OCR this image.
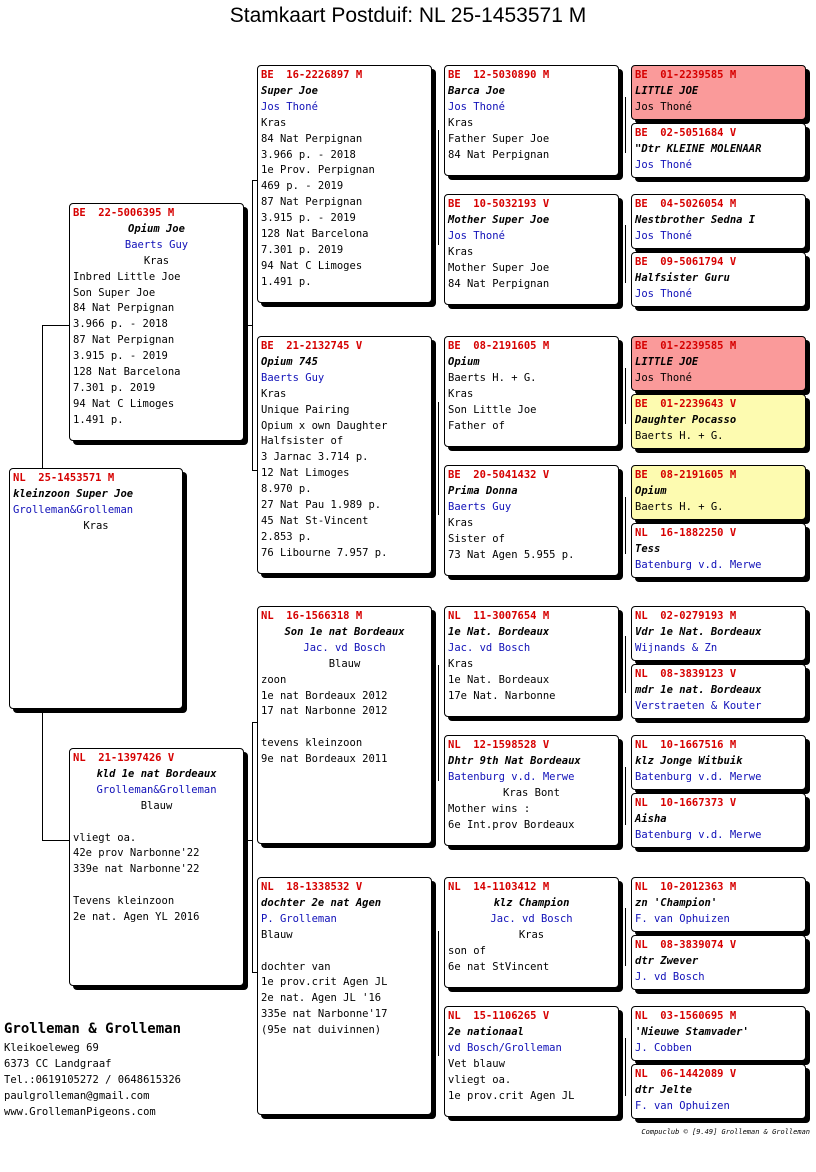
Stamkaart Postduif: NL 25-1453571 M
NL  25-1453571 M
kleinzoon Super Joe
Grolleman&Grolleman
Kras
BE  22-5006395 M
Opium Joe
Baerts Guy
Kras
Inbred Little Joe
Son Super Joe
84 Nat Perpignan
3.966 p. - 2018
87 Nat Perpignan
3.915 p. - 2019
128 Nat Barcelona
7.301 p. 2019
94 Nat C Limoges
1.491 p.
NL  21-1397426 V
kld 1e nat Bordeaux
Grolleman&Grolleman
Blauw
vliegt oa.
42e prov Narbonne'22
339e nat Narbonne'22
Tevens kleinzoon
2e nat. Agen YL 2016
BE  16-2226897 M
Super Joe
Jos Thoné
Kras
84 Nat Perpignan
3.966 p. - 2018
1e Prov. Perpignan
469 p. - 2019
87 Nat Perpignan
3.915 p. - 2019
128 Nat Barcelona
7.301 p. 2019
94 Nat C Limoges
1.491 p.
BE  21-2132745 V
Opium 745
Baerts Guy
Kras
Unique Pairing
Opium x own Daughter
Halfsister of
3 Jarnac 3.714 p.
12 Nat Limoges
8.970 p.
27 Nat Pau 1.989 p.
45 Nat St-Vincent
2.853 p.
76 Libourne 7.957 p.
NL  16-1566318 M
Son 1e nat Bordeaux
Jac. vd Bosch
Blauw
zoon
1e nat Bordeaux 2012
17 nat Narbonne 2012
tevens kleinzoon
9e nat Bordeaux 2011
NL  18-1338532 V
dochter 2e nat Agen
P. Grolleman
Blauw
dochter van
1e prov.crit Agen JL
2e nat. Agen JL '16
335e nat Narbonne'17
(95e nat duivinnen)
BE  12-5030890 M
Barca Joe
Jos Thoné
Kras
Father Super Joe
84 Nat Perpignan
BE  10-5032193 V
Mother Super Joe
Jos Thoné
Kras
Mother Super Joe
84 Nat Perpignan
BE  08-2191605 M
Opium
Baerts H. + G.
Kras
Son Little Joe
Father of
BE  20-5041432 V
Prima Donna
Baerts Guy
Kras
Sister of
73 Nat Agen 5.955 p.
NL  11-3007654 M
1e Nat. Bordeaux
Jac. vd Bosch
Kras
1e Nat. Bordeaux
17e Nat. Narbonne
NL  12-1598528 V
Dhtr 9th Nat Bordeaux
Batenburg v.d. Merwe
Kras Bont
Mother wins :
6e Int.prov Bordeaux
NL  14-1103412 M
klz Champion
Jac. vd Bosch
Kras
son of
6e nat StVincent
NL  15-1106265 V
2e nationaal
vd Bosch/Grolleman
Vet blauw
vliegt oa.
1e prov.crit Agen JL
BE  01-2239585 M
LITTLE JOE
Jos Thoné
BE  02-5051684 V
"Dtr KLEINE MOLENAAR
Jos Thoné
BE  04-5026054 M
Nestbrother Sedna I
Jos Thoné
BE  09-5061794 V
Halfsister Guru
Jos Thoné
BE  01-2239585 M
LITTLE JOE
Jos Thoné
BE  01-2239643 V
Daughter Pocasso
Baerts H. + G.
BE  08-2191605 M
Opium
Baerts H. + G.
NL  16-1882250 V
Tess
Batenburg v.d. Merwe
NL  02-0279193 M
Vdr 1e Nat. Bordeaux
Wijnands & Zn
NL  08-3839123 V
mdr 1e nat. Bordeaux
Verstraeten & Kouter
NL  10-1667516 M
klz Jonge Witbuik
Batenburg v.d. Merwe
NL  10-1667373 V
Aisha
Batenburg v.d. Merwe
NL  10-2012363 M
zn 'Champion'
F. van Ophuizen
NL  08-3839074 V
dtr Zwever
J. vd Bosch
NL  03-1560695 M
'Nieuwe Stamvader'
J. Cobben
NL  06-1442089 V
dtr Jelte
F. van Ophuizen
Grolleman & Grolleman
Kleikoeleweg 69
6373 CC Landgraaf
Tel.:0619105272 / 0648615326
paulgrolleman@gmail.com
www.GrollemanPigeons.com
Compuclub © [9.49] Grolleman & Grolleman
